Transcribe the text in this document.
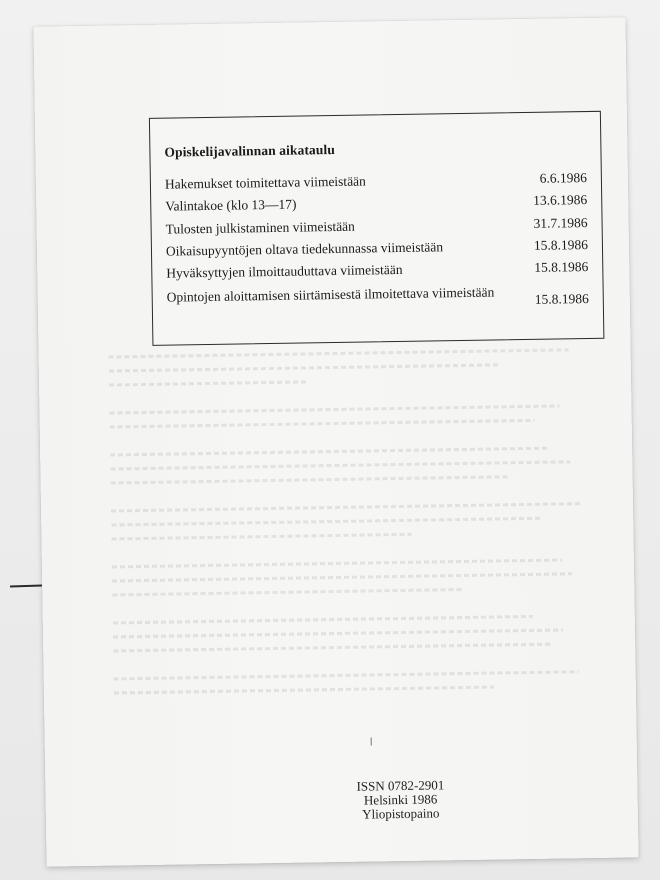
Opiskelijavalinnan aikataulu
Hakemukset toimitettava viimeistään	6.6.1986
Valintakoe (klo 13—17)	13.6.1986
Tulosten julkistaminen viimeistään	31.7.1986
Oikaisupyyntöjen oltava tiedekunnassa viimeistään	15.8.1986
Hyväksyttyjen ilmoittauduttava viimeistään	15.8.1986
Opintojen aloittamisen siirtämisestä ilmoitettava viimeistään	15.8.1986
ISSN 0782-2901
Helsinki 1986
Yliopistopaino
